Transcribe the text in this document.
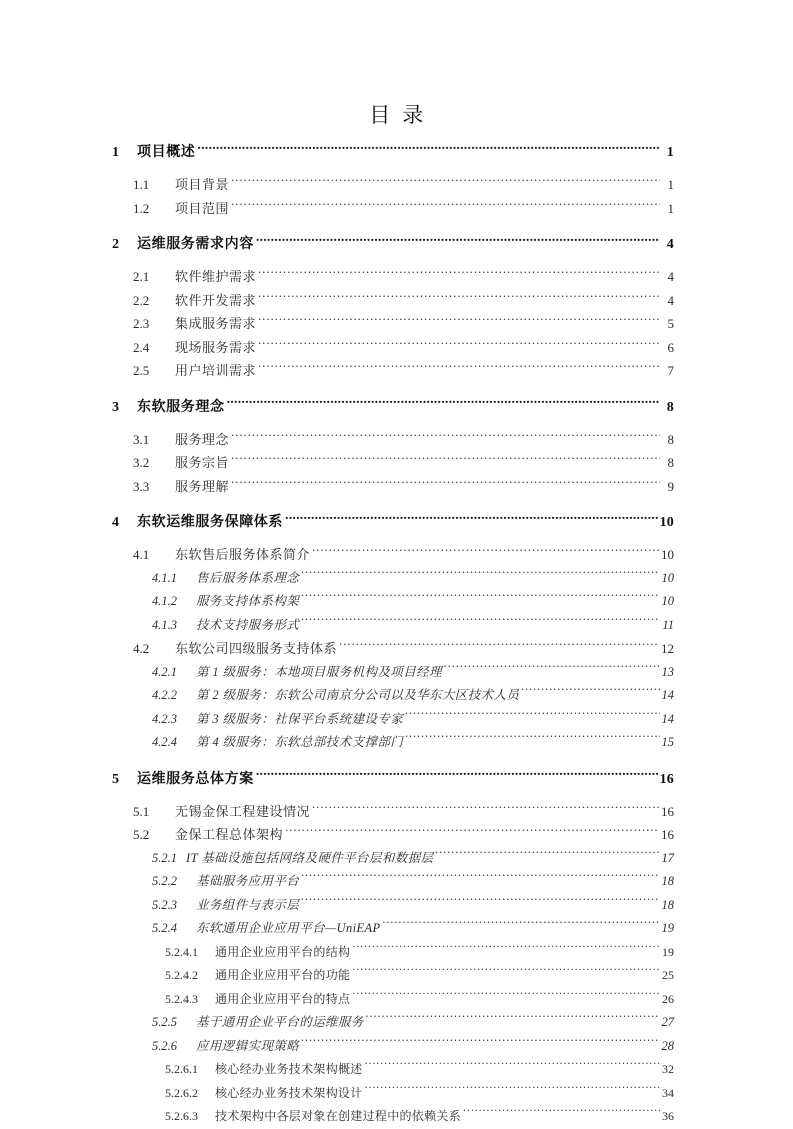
目  录
1	项目概述 .....	1
1.1	项目背景 .....	1
1.2	项目范围 .....	1
2	运维服务需求内容 .....	4
2.1	软件维护需求 .....	4
2.2	软件开发需求 .....	4
2.3	集成服务需求 .....	5
2.4	现场服务需求 .....	6
2.5	用户培训需求 .....	7
3	东软服务理念 .....	8
3.1	服务理念 .....	8
3.2	服务宗旨 .....	8
3.3	服务理解 .....	9
4	东软运维服务保障体系 .....	10
4.1	东软售后服务体系简介 .....	10
4.1.1	售后服务体系理念 .....	10
4.1.2	服务支持体系构架 .....	10
4.1.3	技术支持服务形式 .....	11
4.2	东软公司四级服务支持体系 .....	12
4.2.1	第 1 级服务：本地项目服务机构及项目经理 .....	13
4.2.2	第 2 级服务：东软公司南京分公司以及华东大区技术人员 .....	14
4.2.3	第 3 级服务：社保平台系统建设专家 .....	14
4.2.4	第 4 级服务：东软总部技术支撑部门 .....	15
5	运维服务总体方案 .....	16
5.1	无锡金保工程建设情况 .....	16
5.2	金保工程总体架构 .....	16
5.2.1 IT 基础设施包括网络及硬件平台层和数据层 .....	17
5.2.2	基础服务应用平台 .....	18
5.2.3	业务组件与表示层 .....	18
5.2.4	东软通用企业应用平台—UniEAP .....	19
5.2.4.1	通用企业应用平台的结构 .....	19
5.2.4.2	通用企业应用平台的功能 .....	25
5.2.4.3	通用企业应用平台的特点 .....	26
5.2.5	基于通用企业平台的运维服务 .....	27
5.2.6	应用逻辑实现策略 .....	28
5.2.6.1	核心经办业务技术架构概述 .....	32
5.2.6.2	核心经办业务技术架构设计 .....	34
5.2.6.3	技术架构中各层对象在创建过程中的依赖关系 .....	36
